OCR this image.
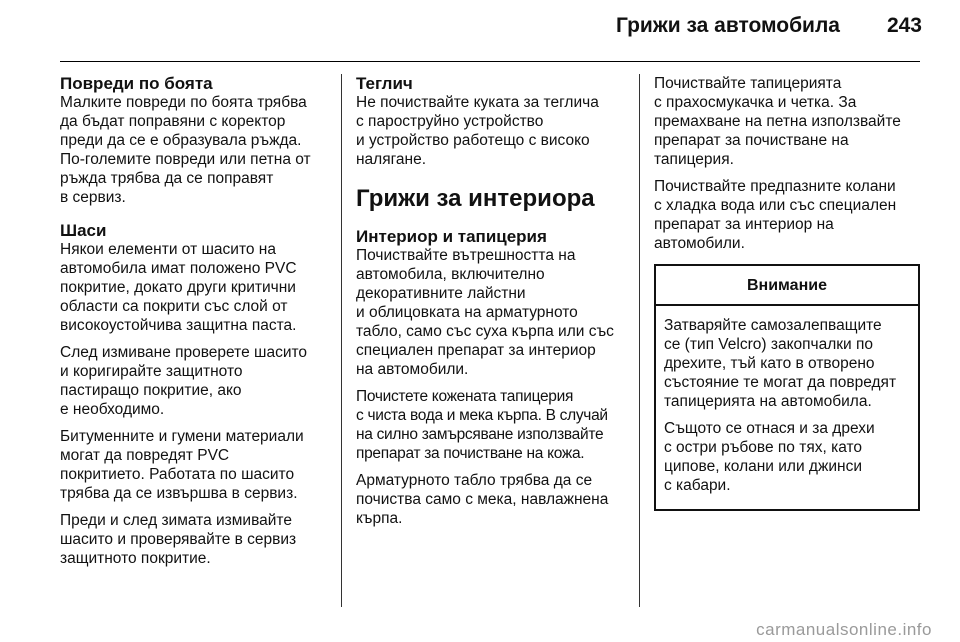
Грижи за автомобила 243
Повреди по боята

Малките повреди по боята трябва
да бъдат поправяни с коректор
преди да се е образувала ръжда.
По-големите повреди или петна от
ръжда трябва да се поправят
в сервиз.

Шаси

Някои елементи от шасито на
автомобила имат положено PVC
покритие, докато други критични
области са покрити със слой от
високоустойчива защитна паста.

След измиване проверете шасито
и коригирайте защитното
пастиращо покритие, ако
е необходимо.

Битуменните и гумени материали
могат да повредят PVC
покритието. Работата по шасито
трябва да се извършва в сервиз.

Преди и след зимата измивайте
шасито и проверявайте в сервиз
защитното покритие.

Теглич

Не почиствайте куката за теглича
с пароструйно устройство
и устройство работещо с високо
налягане.

Грижи за интериора
Интериор и тапицерия

Почиствайте вътрешността на
автомобила, включително
декоративните лайстни
и облицовката на арматурното
табло, само със суха кърпа или със
специален препарат за интериор
на автомобили.

Почистете кожената тапицерия
с чиста вода и мека кърпа. В случай
на силно замърсяване използвайте
препарат за почистване на кожа.

Арматурното табло трябва да се
почиства само с мека, навлажнена
кърпа.

Почиствайте тапицерията
с прахосмукачка и четка. За
премахване на петна използвайте
препарат за почистване на
тапицерия.

Почиствайте предпазните колани
с хладка вода или със специален
препарат за интериор на
автомобили.

Внимание

Затваряйте самозалепващите
се (тип Velcro) закопчалки по
дрехите, тъй като в отворено
състояние те могат да повредят
тапицерията на автомобила.

Същото се отнася и за дрехи
с остри ръбове по тях, като
ципове, колани или джинси
с кабари.

carmanualsonline.info
